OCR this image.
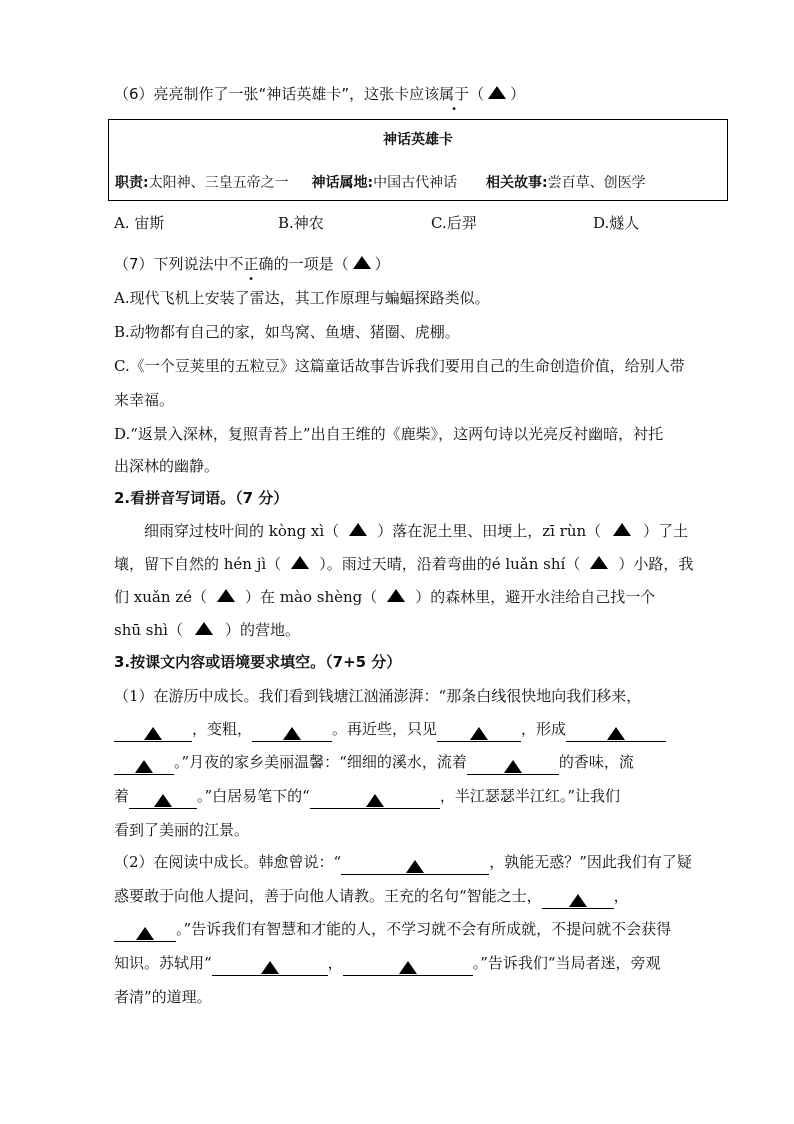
（6）亮亮制作了一张“神话英雄卡”，这张卡应该属于（ ）
神话英雄卡
职责:太阳神、三皇五帝之一 神话属地:中国古代神话 相关故事:尝百草、创医学
A. 宙斯	B.神农	C.后羿	D.燧人
（7）下列说法中不正确的一项是（ ）
A.现代飞机上安装了雷达，其工作原理与蝙蝠探路类似。
B.动物都有自己的家，如鸟窝、鱼塘、猪圈、虎棚。
C.《一个豆荚里的五粒豆》这篇童话故事告诉我们要用自己的生命创造价值，给别人带
来幸福。
D.“返景入深林，复照青苔上”出自王维的《鹿柴》，这两句诗以光亮反衬幽暗，衬托
出深林的幽静。
2.看拼音写词语。（7 分）
细雨穿过枝叶间的 kòng xì（	）落在泥土里、田埂上，zī rùn（	）了土
壤，留下自然的 hén jì（	）。雨过天晴，沿着弯曲的é luǎn shí（	）小路，我
们 xuǎn zé（	）在 mào shèng（	）的森林里，避开水洼给自己找一个
shū shì（	）的营地。
3.按课文内容或语境要求填空。（7+5 分）
（1）在游历中成长。我们看到钱塘江汹涌澎湃：“那条白线很快地向我们移来，
，变粗，	。再近些，只见	，形成
。”月夜的家乡美丽温馨：“细细的溪水，流着	的香味，流
着	。”白居易笔下的“	，半江瑟瑟半江红。”让我们
看到了美丽的江景。
（2）在阅读中成长。韩愈曾说：“	，孰能无惑？”因此我们有了疑
惑要敢于向他人提问，善于向他人请教。王充的名句“智能之士，	，
。”告诉我们有智慧和才能的人，不学习就不会有所成就，不提问就不会获得
知识。苏轼用“	，	。”告诉我们“当局者迷，旁观
者清”的道理。
